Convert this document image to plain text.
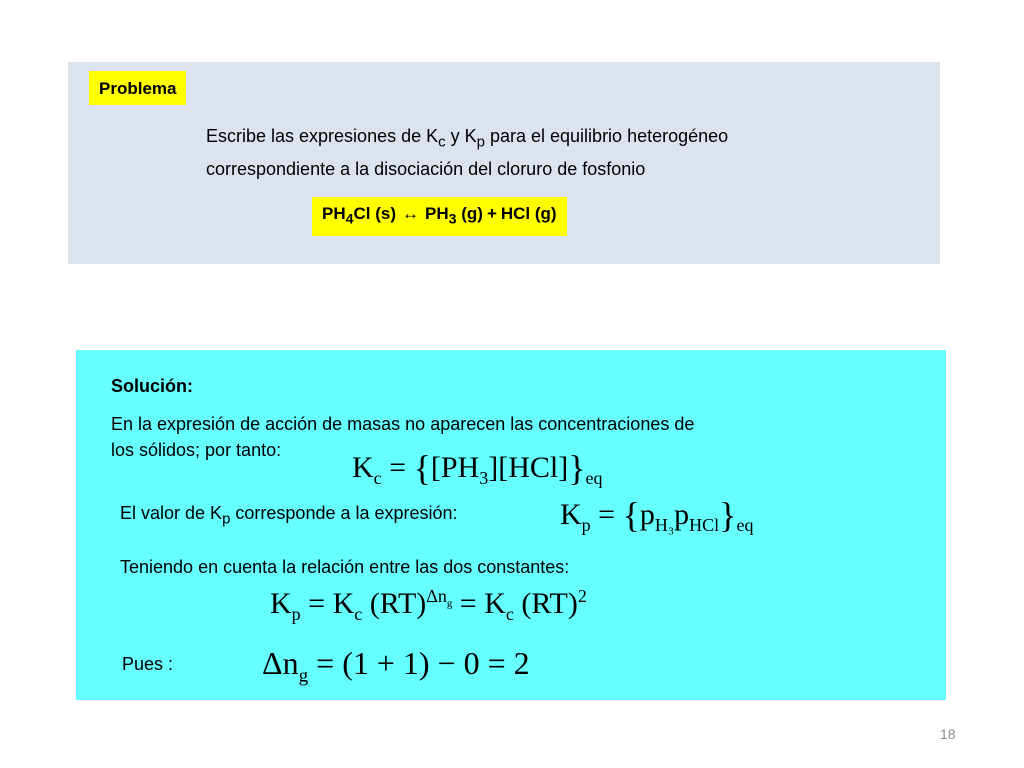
Problema
Escribe las expresiones de $K_c$ y $K_p$ para el equilibrio heterogéneo
correspondiente a la disociación del cloruro de fosfonio
$PH_4Cl$ (s) ↔ $PH_3$ (g) + HCl (g)
Solución:
En la expresión de acción de masas no aparecen las concentraciones de
los sólidos; por tanto:
$K_c = \{[PH_3][HCl]\}_{eq}$
El valor de $K_p$ corresponde a la expresión:	$K_p = \{p_{H_3}p_{HCl}\}_{eq}$
Teniendo en cuenta la relación entre las dos constantes:
$K_p = K_c$ $(RT)^{\Delta n_g} = K_c$ (RT)$^2$
Pues :	$\Delta n_g = (1 + 1) - 0 = 2$
18
